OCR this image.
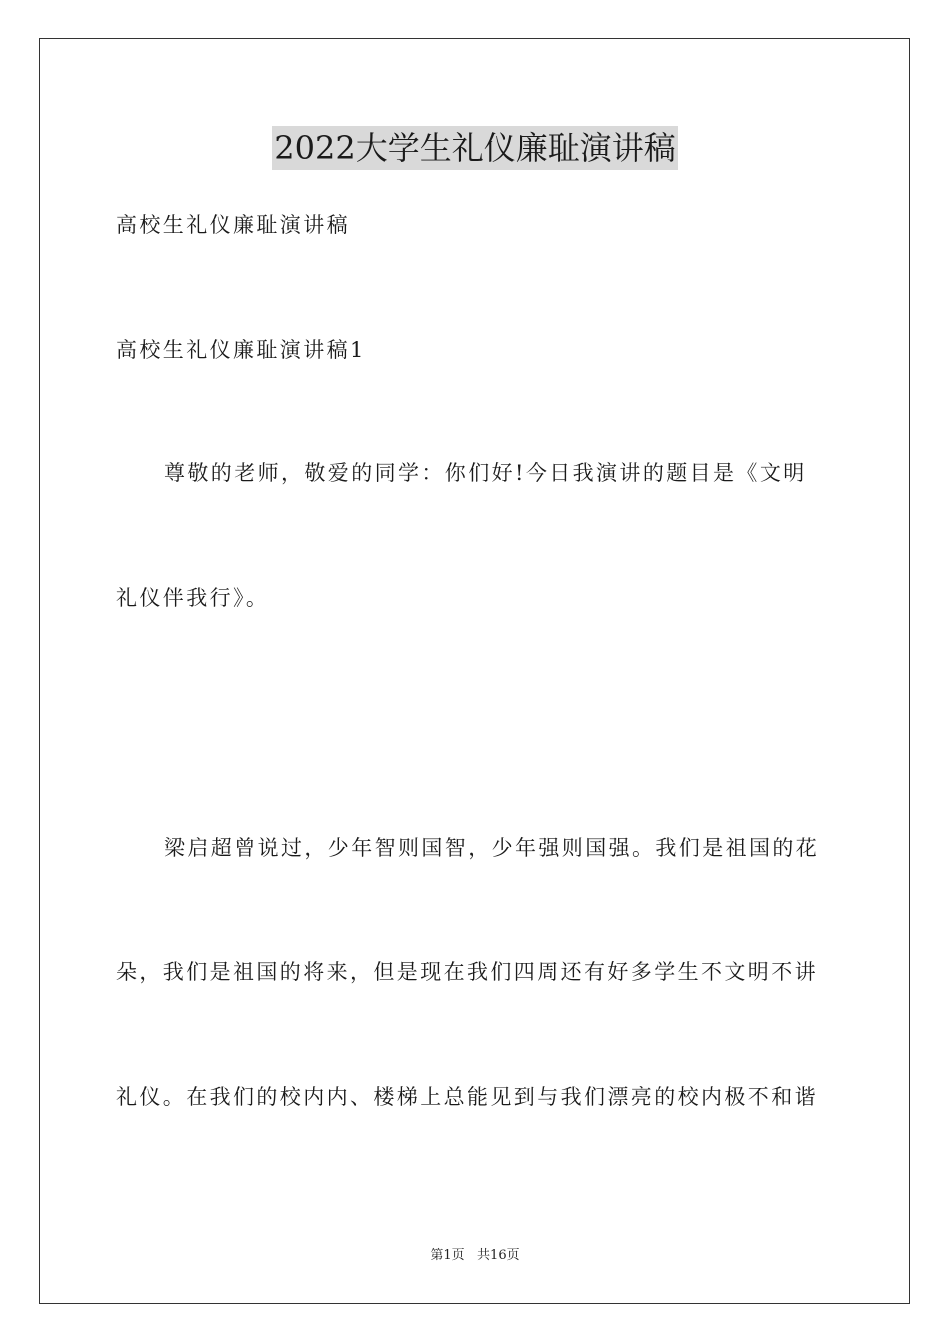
2022大学生礼仪廉耻演讲稿
高校生礼仪廉耻演讲稿
高校生礼仪廉耻演讲稿1
尊敬的老师，敬爱的同学：你们好!今日我演讲的题目是《文明
礼仪伴我行》。
梁启超曾说过，少年智则国智，少年强则国强。我们是祖国的花
朵，我们是祖国的将来，但是现在我们四周还有好多学生不文明不讲
礼仪。在我们的校内内、楼梯上总能见到与我们漂亮的校内极不和谐
第1页   共16页
